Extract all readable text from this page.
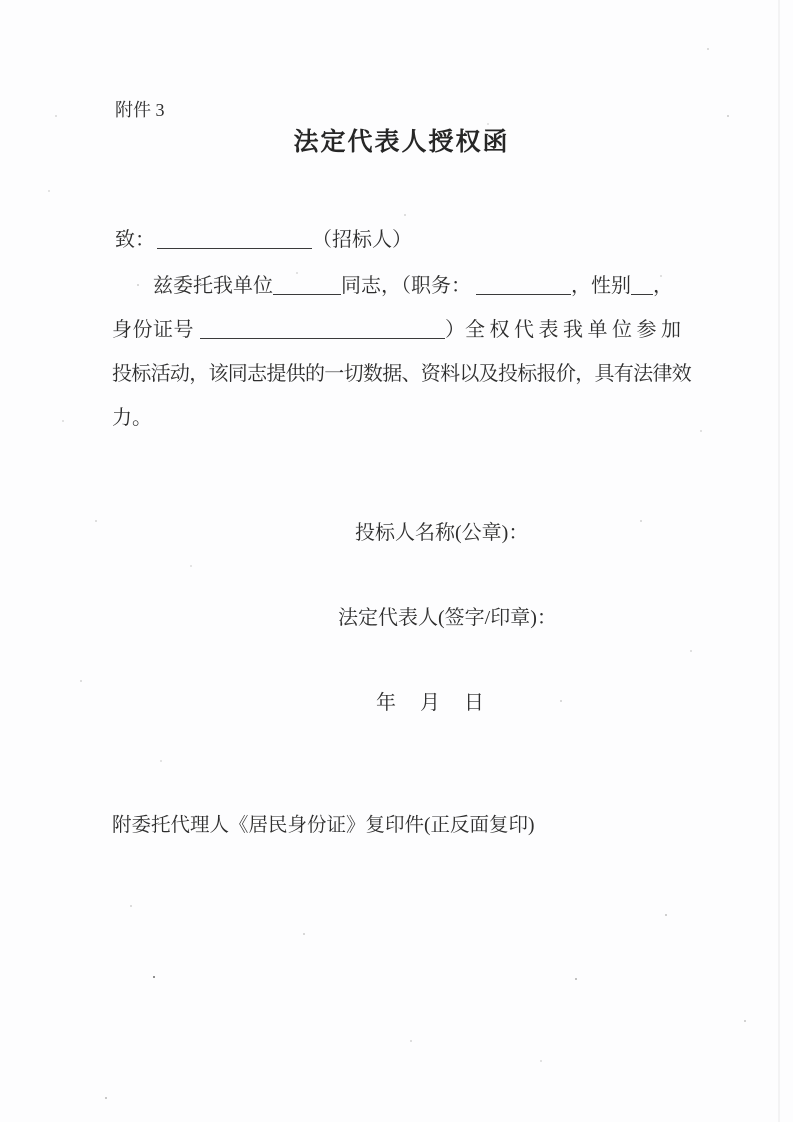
附件 3
法定代表人授权函
致：	（招标人）
兹委托我单位	同志，（职务：	，性别 ，
身份证号	）全权代表我单位参加
投标活动，该同志提供的一切数据、资料以及投标报价，具有法律效
力。
投标人名称(公章)：
法定代表人(签字/印章)：
年 月 日
附委托代理人《居民身份证》复印件(正反面复印)
